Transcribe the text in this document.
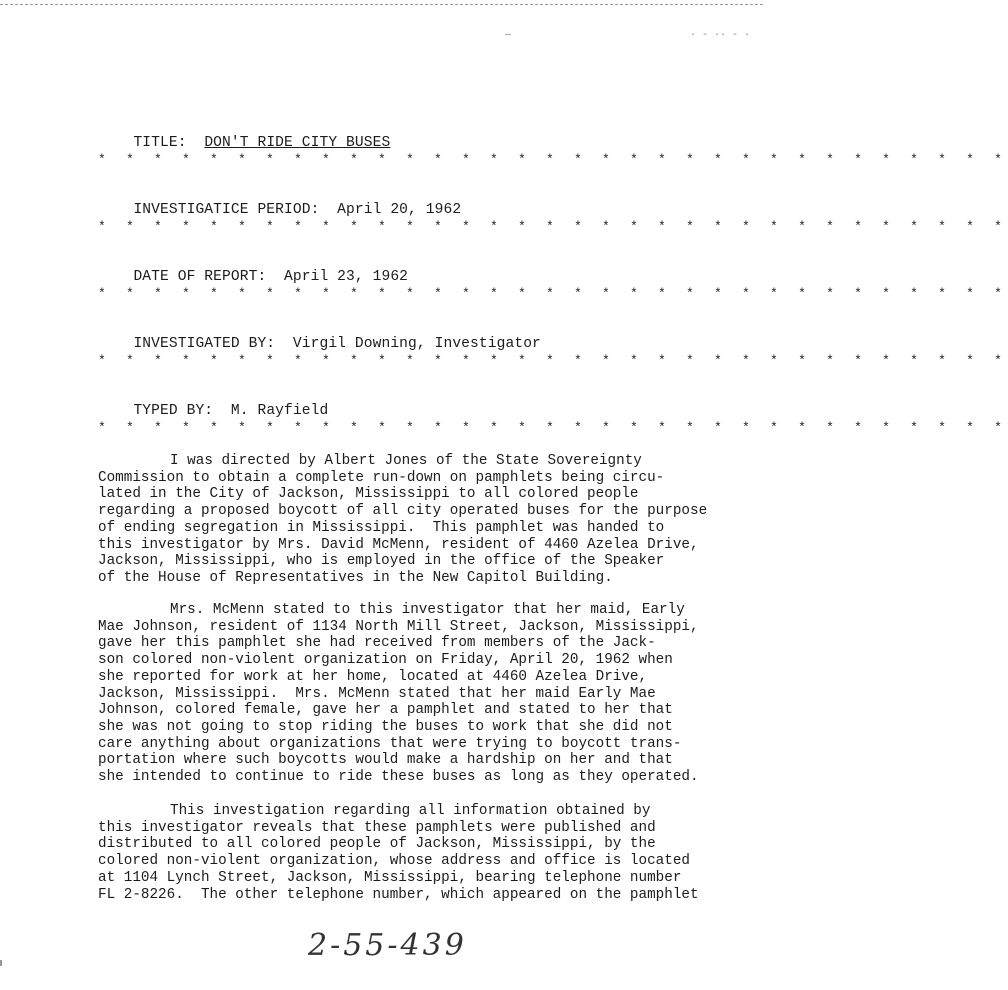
—	· ‑ ·· ‑ ·

TITLE: DON'T RIDE CITY BUSES

* * * * * * * * * * * * * * * * * * * * * * * * * * * * * * * * *

INVESTIGATICE PERIOD: April 20, 1962

* * * * * * * * * * * * * * * * * * * * * * * * * * * * * * * * *

DATE OF REPORT: April 23, 1962

* * * * * * * * * * * * * * * * * * * * * * * * * * * * * * * * *

INVESTIGATED BY: Virgil Downing, Investigator

* * * * * * * * * * * * * * * * * * * * * * * * * * * * * * * * *

TYPED BY: M. Rayfield

* * * * * * * * * * * * * * * * * * * * * * * * * * * * * * * * *
I was directed by Albert Jones of the State Sovereignty
Commission to obtain a complete run-down on pamphlets being circu-
lated in the City of Jackson, Mississippi to all colored people
regarding a proposed boycott of all city operated buses for the purpose
of ending segregation in Mississippi.  This pamphlet was handed to
this investigator by Mrs. David McMenn, resident of 4460 Azelea Drive,
Jackson, Mississippi, who is employed in the office of the Speaker
of the House of Representatives in the New Capitol Building.
Mrs. McMenn stated to this investigator that her maid, Early
Mae Johnson, resident of 1134 North Mill Street, Jackson, Mississippi,
gave her this pamphlet she had received from members of the Jack-
son colored non-violent organization on Friday, April 20, 1962 when
she reported for work at her home, located at 4460 Azelea Drive,
Jackson, Mississippi.  Mrs. McMenn stated that her maid Early Mae
Johnson, colored female, gave her a pamphlet and stated to her that
she was not going to stop riding the buses to work that she did not
care anything about organizations that were trying to boycott trans-
portation where such boycotts would make a hardship on her and that
she intended to continue to ride these buses as long as they operated.
This investigation regarding all information obtained by
this investigator reveals that these pamphlets were published and
distributed to all colored people of Jackson, Mississippi, by the
colored non-violent organization, whose address and office is located
at 1104 Lynch Street, Jackson, Mississippi, bearing telephone number
FL 2-8226.  The other telephone number, which appeared on the pamphlet
2-55-439
